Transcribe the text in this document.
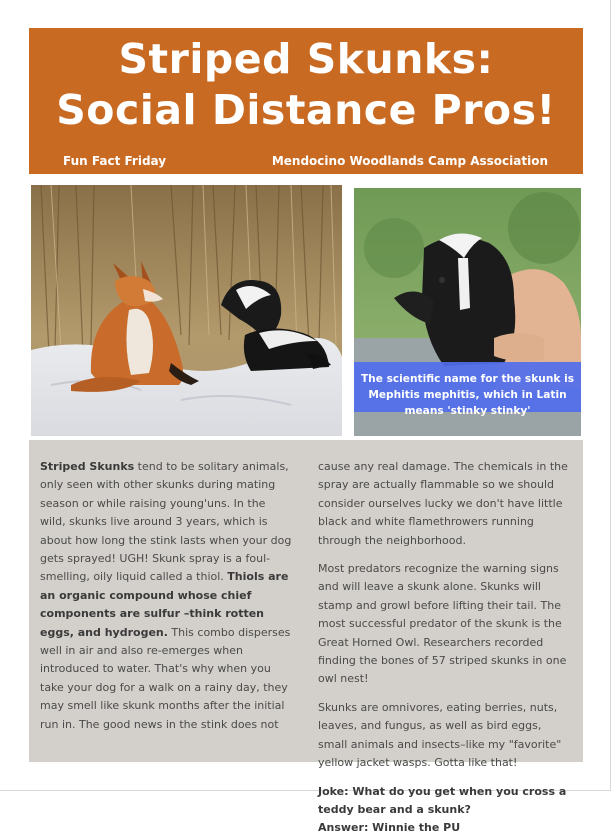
Striped Skunks:
Social Distance Pros!
Fun Fact Friday	Mendocino Woodlands Camp Association
The scientific name for the skunk is Mephitis mephitis, which in Latin means 'stinky stinky'

Striped Skunks tend to be solitary animals, only seen with other skunks during mating season or while raising young'uns. In the wild, skunks live around 3 years, which is about how long the stink lasts when your dog gets sprayed! UGH! Skunk spray is a foul-smelling, oily liquid called a thiol. Thiols are an organic compound whose chief components are sulfur –think rotten eggs, and hydrogen. This combo disperses well in air and also re-emerges when introduced to water. That's why when you take your dog for a walk on a rainy day, they may smell like skunk months after the initial run in. The good news in the stink does not

cause any real damage. The chemicals in the spray are actually flammable so we should consider ourselves lucky we don't have little black and white flamethrowers running through the neighborhood.

Most predators recognize the warning signs and will leave a skunk alone. Skunks will stamp and growl before lifting their tail. The most successful predator of the skunk is the Great Horned Owl. Researchers recorded finding the bones of 57 striped skunks in one owl nest!

Skunks are omnivores, eating berries, nuts, leaves, and fungus, as well as bird eggs, small animals and insects–like my "favorite" yellow jacket wasps. Gotta like that!

Joke: What do you get when you cross a teddy bear and a skunk?
Answer: Winnie the PU
